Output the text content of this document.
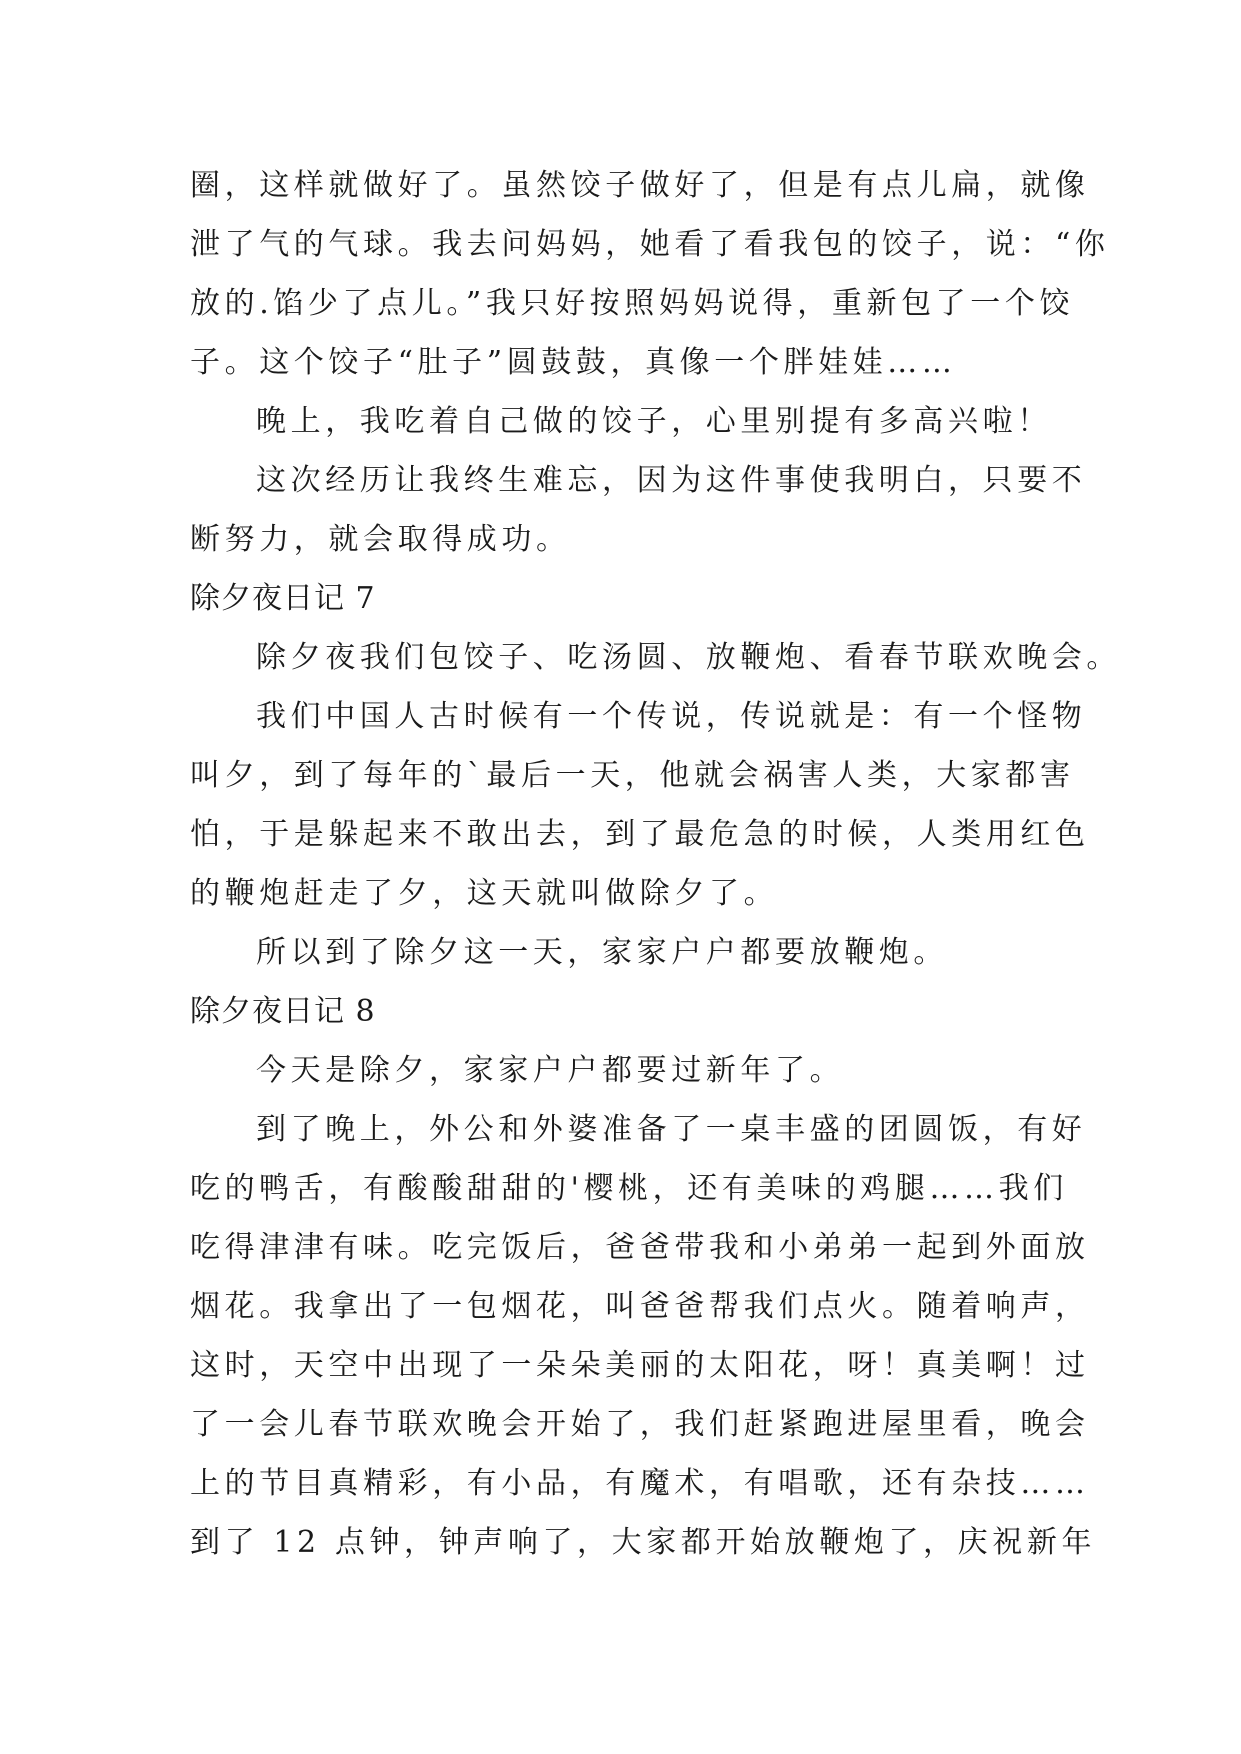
圈，这样就做好了。虽然饺子做好了，但是有点儿扁，就像
泄了气的气球。我去问妈妈，她看了看我包的饺子，说：“你
放的.馅少了点儿。”我只好按照妈妈说得，重新包了一个饺
子。这个饺子“肚子”圆鼓鼓，真像一个胖娃娃……
晚上，我吃着自己做的饺子，心里别提有多高兴啦！
这次经历让我终生难忘，因为这件事使我明白，只要不
断努力，就会取得成功。
除夕夜日记 7
除夕夜我们包饺子、吃汤圆、放鞭炮、看春节联欢晚会。
我们中国人古时候有一个传说，传说就是：有一个怪物
叫夕，到了每年的`最后一天，他就会祸害人类，大家都害
怕，于是躲起来不敢出去，到了最危急的时候，人类用红色
的鞭炮赶走了夕，这天就叫做除夕了。
所以到了除夕这一天，家家户户都要放鞭炮。
除夕夜日记 8
今天是除夕，家家户户都要过新年了。
到了晚上，外公和外婆准备了一桌丰盛的团圆饭，有好
吃的鸭舌，有酸酸甜甜的'樱桃，还有美味的鸡腿……我们
吃得津津有味。吃完饭后，爸爸带我和小弟弟一起到外面放
烟花。我拿出了一包烟花，叫爸爸帮我们点火。随着响声，
这时，天空中出现了一朵朵美丽的太阳花，呀！真美啊！过
了一会儿春节联欢晚会开始了，我们赶紧跑进屋里看，晚会
上的节目真精彩，有小品，有魔术，有唱歌，还有杂技……
到了 12 点钟，钟声响了，大家都开始放鞭炮了，庆祝新年
